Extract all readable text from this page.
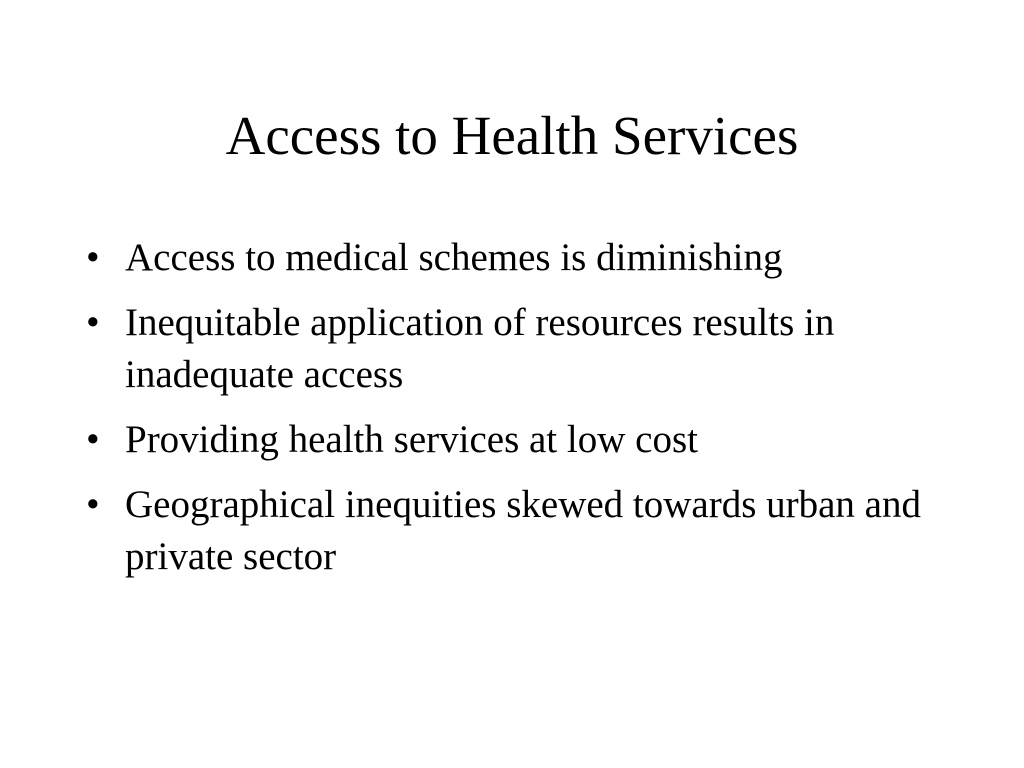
Access to Health Services
• Access to medical schemes is diminishing
• Inequitable application of resources results in inadequate access
• Providing health services at low cost
• Geographical inequities skewed towards urban and private sector
